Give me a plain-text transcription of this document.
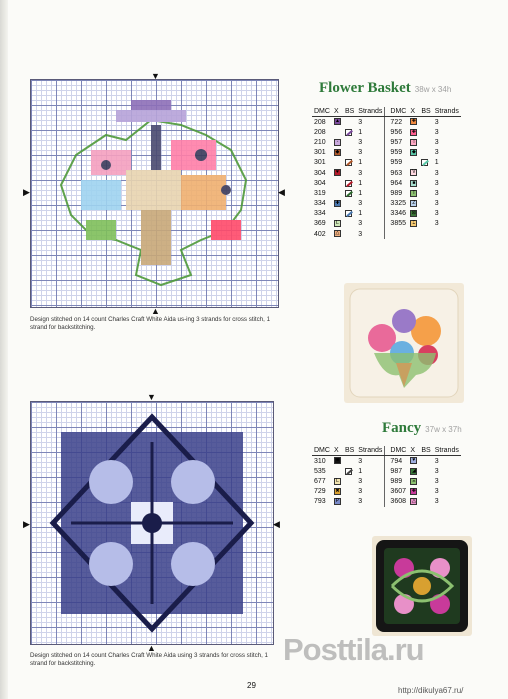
▼
▶	◀
▲
Design stitched on 14 count Charles Craft White Aida us-ing 3 strands for cross stitch, 1 strand for backstitching.
Flower Basket 38w x 34h
DMC	X	BS	Strands	DMC	X	BS	Strands
208	▲		3	722	✚		3
208			1	956	✚		3
210	◦		3	957	○		3
301	◆		3	959	◆		3
301			1	959			1
304	♥		3	963	V		3
304			1	964	■		3
319			1	989	T		3
334	✚		3	3325	Z		3
334			1	3346	⊠		3
369	L		3	3855	⌶		3
402	△		3				
▼
▶	◀
▲
Design stitched on 14 count Charles Craft White Aida using 3 strands for cross stitch, 1 strand for backstitching.
Fancy 37w x 37h
DMC	X	BS	Strands	DMC	X	BS	Strands
310	■		3	794	♥		3
535			1	987	◢		3
677	L		3	989	Ξ		3
729	✖		3	3607	✚		3
793	P		3	3608	△		3
29
Posttila.ru
http://dikulya67.ru/
